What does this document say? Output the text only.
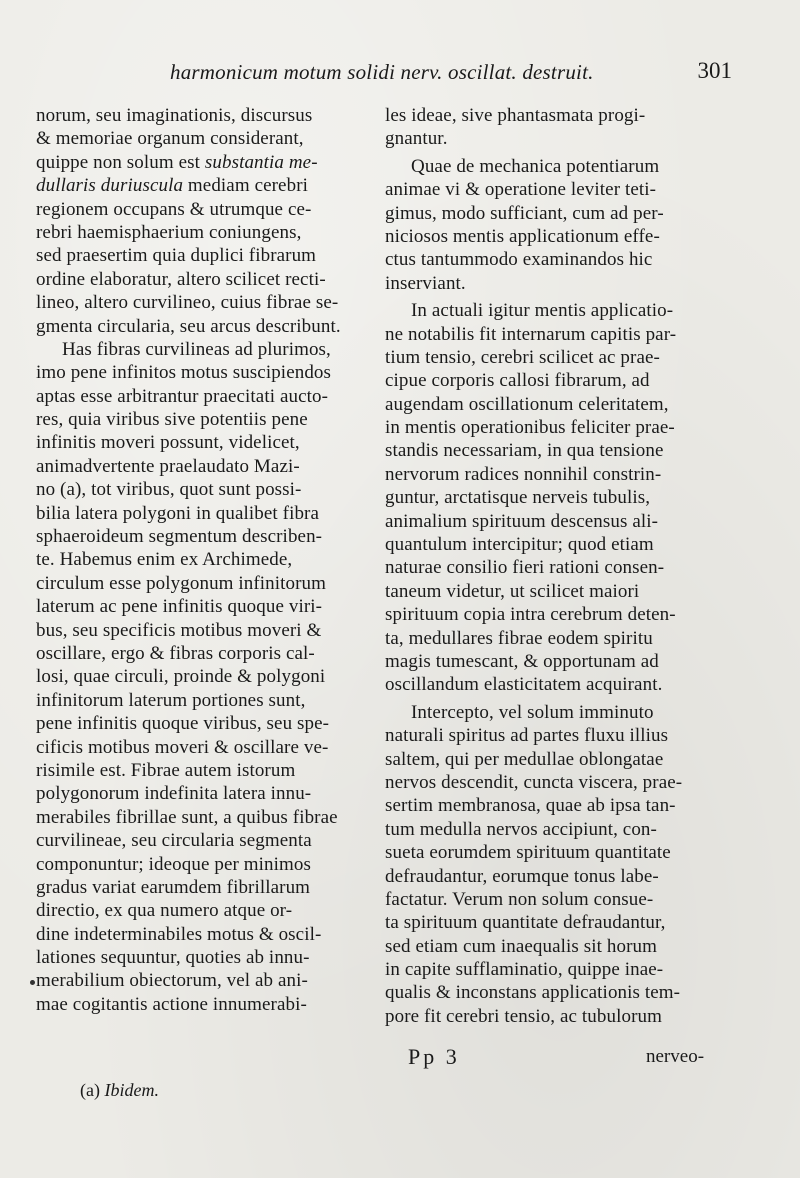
harmonicum motum solidi nerv. oscillat. destruit.	301
norum, seu imaginationis, discursus
& memoriae organum considerant,
quippe non solum est substantia me-
dullaris duriuscula mediam cerebri
regionem occupans & utrumque ce-
rebri haemisphaerium coniungens,
sed praesertim quia duplici fibrarum
ordine elaboratur, altero scilicet recti-
lineo, altero curvilineo, cuius fibrae se-
gmenta circularia, seu arcus describunt.
Has fibras curvilineas ad plurimos,
imo pene infinitos motus suscipiendos
aptas esse arbitrantur praecitati aucto-
res, quia viribus sive potentiis pene
infinitis moveri possunt, videlicet,
animadvertente praelaudato Mazi-
no (a), tot viribus, quot sunt possi-
bilia latera polygoni in qualibet fibra
sphaeroideum segmentum describen-
te. Habemus enim ex Archimede,
circulum esse polygonum infinitorum
laterum ac pene infinitis quoque viri-
bus, seu specificis motibus moveri &
oscillare, ergo & fibras corporis cal-
losi, quae circuli, proinde & polygoni
infinitorum laterum portiones sunt,
pene infinitis quoque viribus, seu spe-
cificis motibus moveri & oscillare ve-
risimile est. Fibrae autem istorum
polygonorum indefinita latera innu-
merabiles fibrillae sunt, a quibus fibrae
curvilineae, seu circularia segmenta
componuntur; ideoque per minimos
gradus variat earumdem fibrillarum
directio, ex qua numero atque or-
dine indeterminabiles motus & oscil-
lationes sequuntur, quoties ab innu-
merabilium obiectorum, vel ab ani-
mae cogitantis actione innumerabi-
les ideae, sive phantasmata progi-
gnantur.
Quae de mechanica potentiarum
animae vi & operatione leviter teti-
gimus, modo sufficiant, cum ad per-
niciosos mentis applicationum effe-
ctus tantummodo examinandos hic
inserviant.
In actuali igitur mentis applicatio-
ne notabilis fit internarum capitis par-
tium tensio, cerebri scilicet ac prae-
cipue corporis callosi fibrarum, ad
augendam oscillationum celeritatem,
in mentis operationibus feliciter prae-
standis necessariam, in qua tensione
nervorum radices nonnihil constrin-
guntur, arctatisque nerveis tubulis,
animalium spirituum descensus ali-
quantulum intercipitur; quod etiam
naturae consilio fieri rationi consen-
taneum videtur, ut scilicet maiori
spirituum copia intra cerebrum deten-
ta, medullares fibrae eodem spiritu
magis tumescant, & opportunam ad
oscillandum elasticitatem acquirant.
Intercepto, vel solum imminuto
naturali spiritus ad partes fluxu illius
saltem, qui per medullae oblongatae
nervos descendit, cuncta viscera, prae-
sertim membranosa, quae ab ipsa tan-
tum medulla nervos accipiunt, con-
sueta eorumdem spirituum quantitate
defraudantur, eorumque tonus labe-
factatur. Verum non solum consue-
ta spirituum quantitate defraudantur,
sed etiam cum inaequalis sit horum
in capite sufflaminatio, quippe inae-
qualis & inconstans applicationis tem-
pore fit cerebri tensio, ac tubulorum
Pp 3	nerveo-
(a) Ibidem.
